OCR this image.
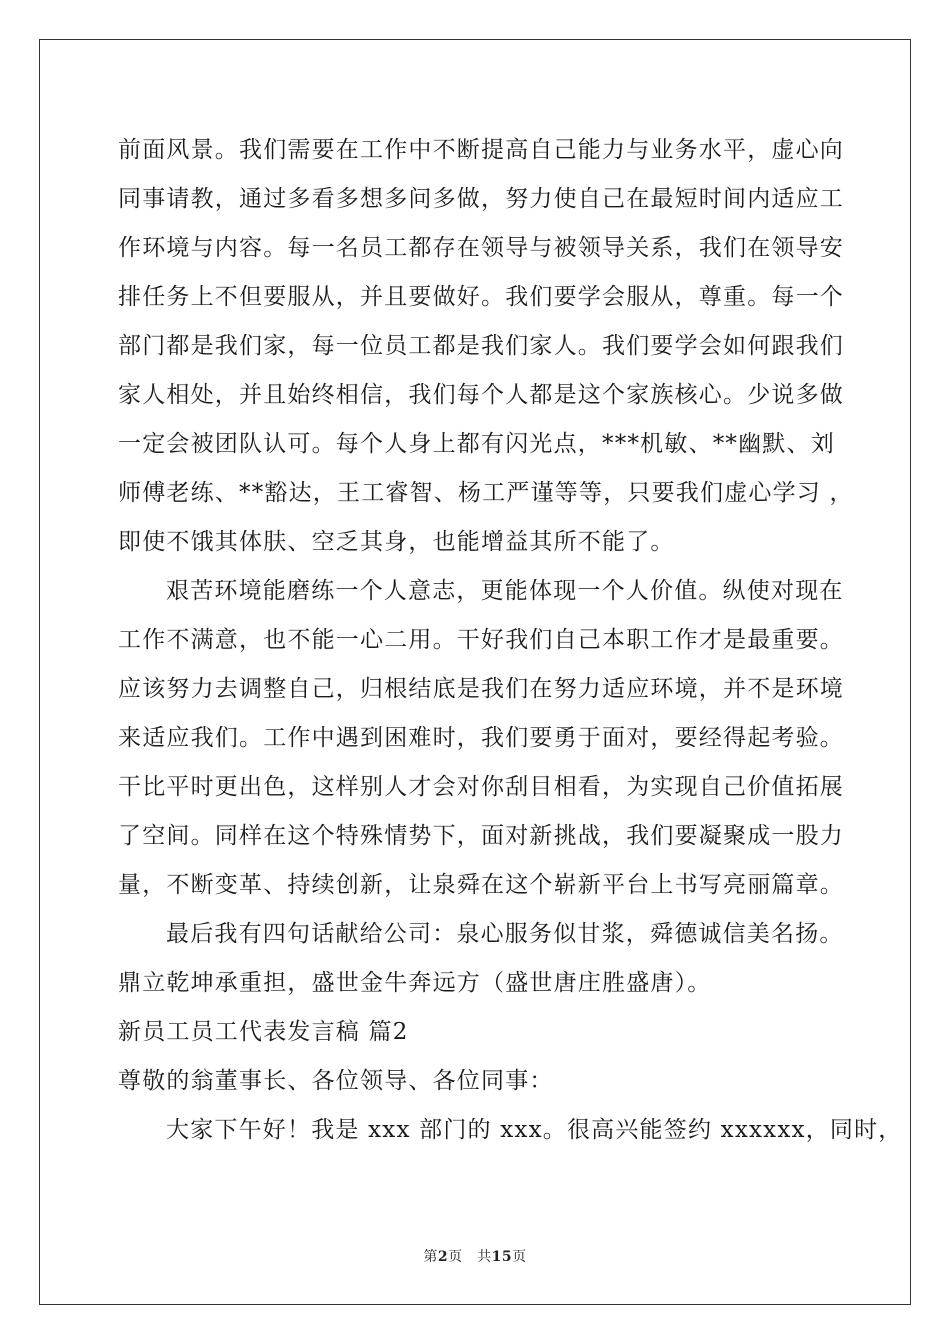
前面风景。我们需要在工作中不断提高自己能力与业务水平，虚心向
同事请教，通过多看多想多问多做，努力使自己在最短时间内适应工
作环境与内容。每一名员工都存在领导与被领导关系，我们在领导安
排任务上不但要服从，并且要做好。我们要学会服从，尊重。每一个
部门都是我们家，每一位员工都是我们家人。我们要学会如何跟我们
家人相处，并且始终相信，我们每个人都是这个家族核心。少说多做
一定会被团队认可。每个人身上都有闪光点，***机敏、**幽默、刘
师傅老练、**豁达，王工睿智、杨工严谨等等，只要我们虚心学习 ，
即使不饿其体肤、空乏其身，也能增益其所不能了。
艰苦环境能磨练一个人意志，更能体现一个人价值。纵使对现在
工作不满意，也不能一心二用。干好我们自己本职工作才是最重要。
应该努力去调整自己，归根结底是我们在努力适应环境，并不是环境
来适应我们。工作中遇到困难时，我们要勇于面对，要经得起考验。
干比平时更出色，这样别人才会对你刮目相看，为实现自己价值拓展
了空间。同样在这个特殊情势下，面对新挑战，我们要凝聚成一股力
量，不断变革、持续创新，让泉舜在这个崭新平台上书写亮丽篇章。
最后我有四句话献给公司：泉心服务似甘浆，舜德诚信美名扬。
鼎立乾坤承重担，盛世金牛奔远方（盛世唐庄胜盛唐）。
新员工员工代表发言稿 篇2
尊敬的翁董事长、各位领导、各位同事：
大家下午好！我是 xxx 部门的 xxx。很高兴能签约 xxxxxx，同时，
第2页　共15页
